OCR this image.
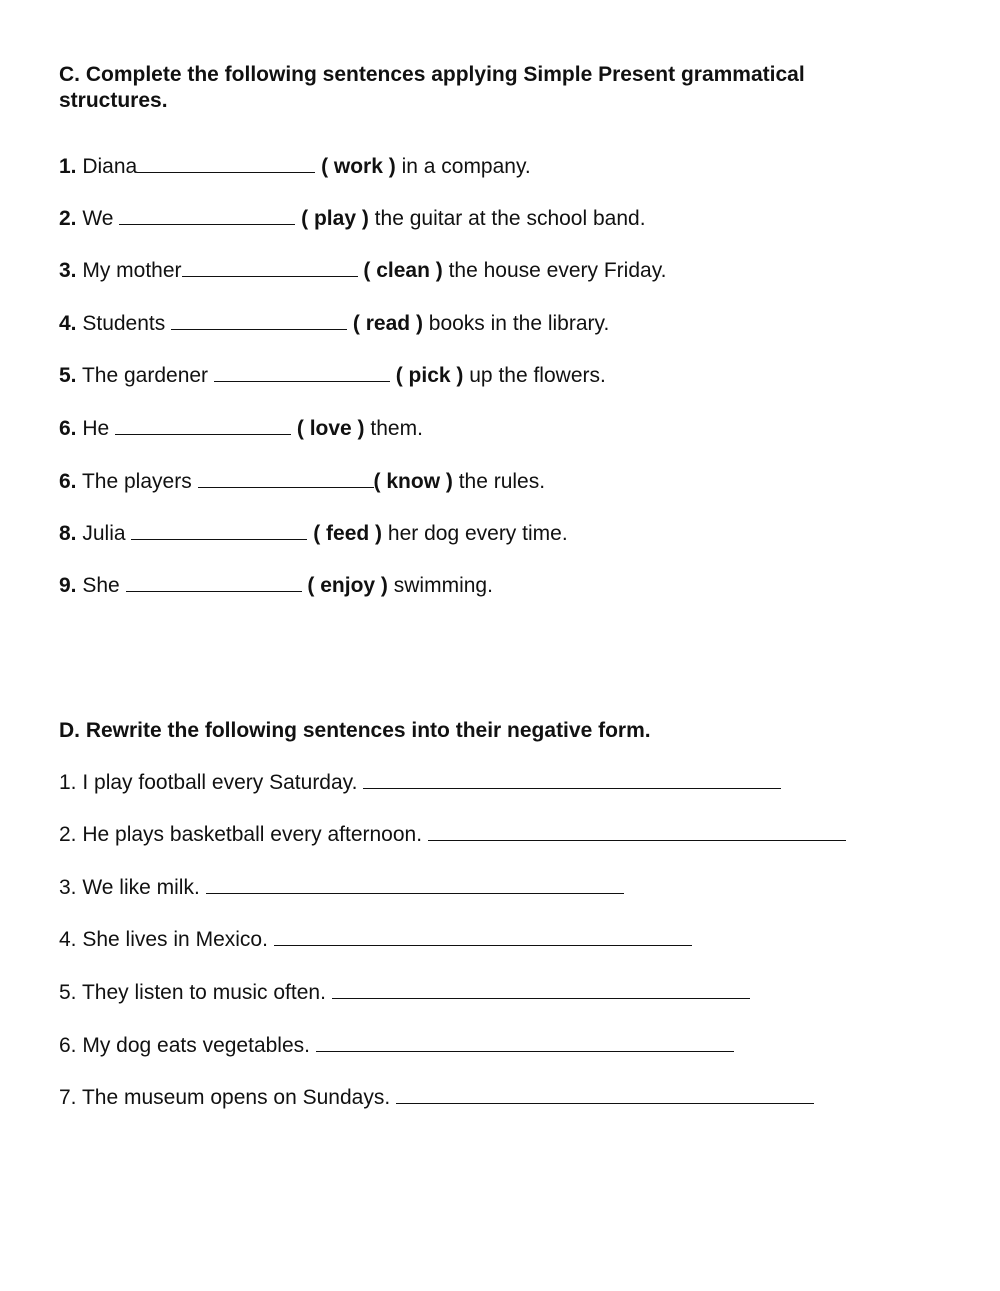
C. Complete the following sentences applying Simple Present grammatical structures.
1. Diana	( work ) in a company.
2. We	( play ) the guitar at the school band.
3. My mother	( clean ) the house every Friday.
4. Students	( read ) books in the library.
5. The gardener	( pick ) up the flowers.
6. He	( love ) them.
6. The players	( know ) the rules.
8. Julia	( feed ) her dog every time.
9. She	( enjoy ) swimming.
D. Rewrite the following sentences into their negative form.
1. I play football every Saturday.
2. He plays basketball every afternoon.
3. We like milk.
4. She lives in Mexico.
5. They listen to music often.
6. My dog eats vegetables.
7. The museum opens on Sundays.
